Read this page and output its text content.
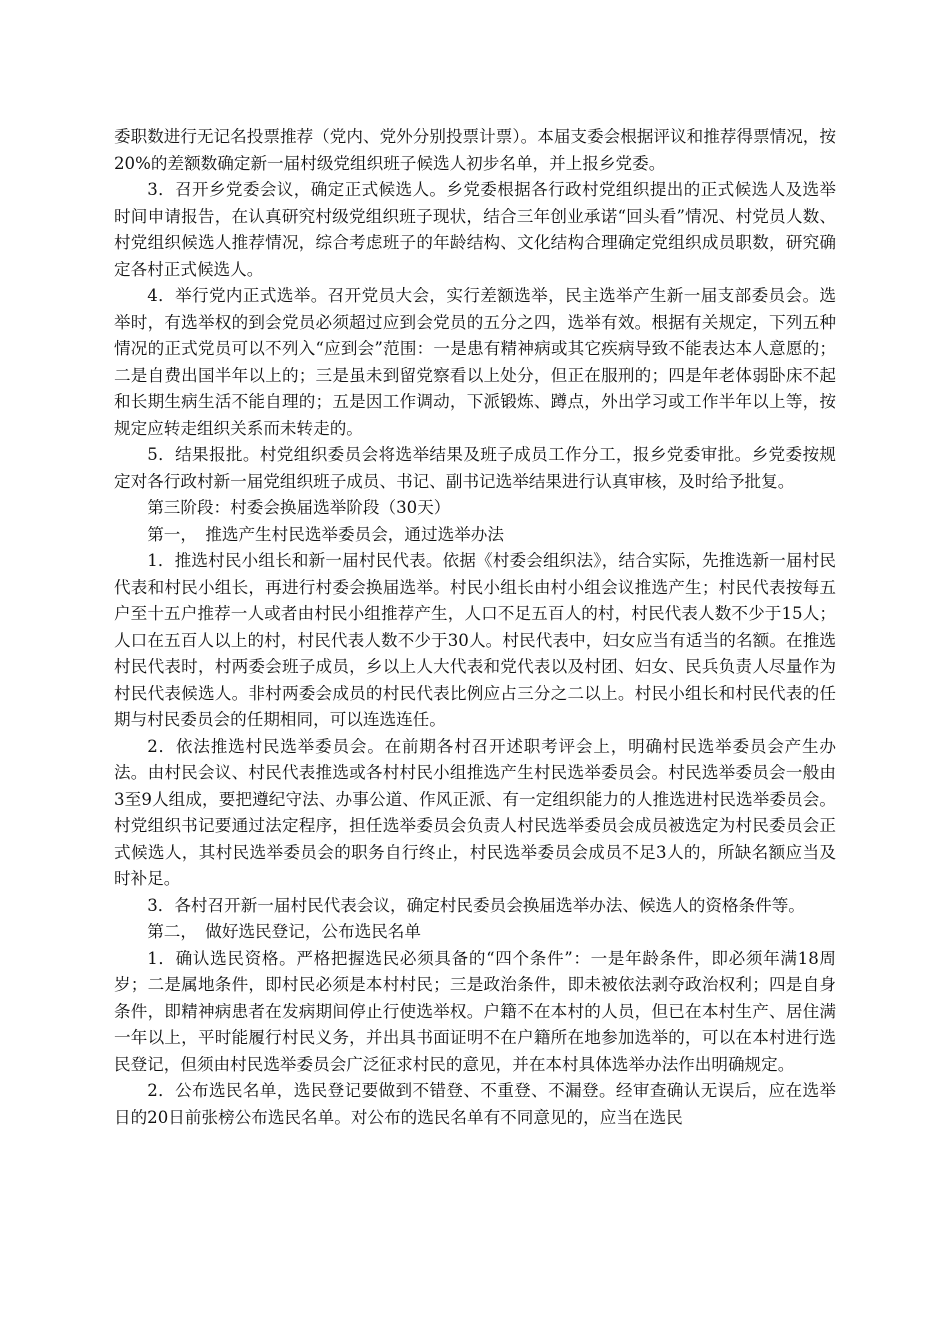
委职数进行无记名投票推荐（党内、党外分别投票计票）。本届支委会根据评议和推荐得票情况，按20%的差额数确定新一届村级党组织班子候选人初步名单，并上报乡党委。

3．召开乡党委会议，确定正式候选人。乡党委根据各行政村党组织提出的正式候选人及选举时间申请报告，在认真研究村级党组织班子现状，结合三年创业承诺“回头看”情况、村党员人数、村党组织候选人推荐情况，综合考虑班子的年龄结构、文化结构合理确定党组织成员职数，研究确定各村正式候选人。

4．举行党内正式选举。召开党员大会，实行差额选举，民主选举产生新一届支部委员会。选举时，有选举权的到会党员必须超过应到会党员的五分之四，选举有效。根据有关规定，下列五种情况的正式党员可以不列入“应到会”范围：一是患有精神病或其它疾病导致不能表达本人意愿的；二是自费出国半年以上的；三是虽未到留党察看以上处分，但正在服刑的；四是年老体弱卧床不起和长期生病生活不能自理的；五是因工作调动，下派锻炼、蹲点，外出学习或工作半年以上等，按规定应转走组织关系而未转走的。

5．结果报批。村党组织委员会将选举结果及班子成员工作分工，报乡党委审批。乡党委按规定对各行政村新一届党组织班子成员、书记、副书记选举结果进行认真审核，及时给予批复。

第三阶段：村委会换届选举阶段（30天）

第一，　推选产生村民选举委员会，通过选举办法

1．推选村民小组长和新一届村民代表。依据《村委会组织法》，结合实际，先推选新一届村民代表和村民小组长，再进行村委会换届选举。村民小组长由村小组会议推选产生；村民代表按每五户至十五户推荐一人或者由村民小组推荐产生，人口不足五百人的村，村民代表人数不少于15人；人口在五百人以上的村，村民代表人数不少于30人。村民代表中，妇女应当有适当的名额。在推选村民代表时，村两委会班子成员，乡以上人大代表和党代表以及村团、妇女、民兵负责人尽量作为村民代表候选人。非村两委会成员的村民代表比例应占三分之二以上。村民小组长和村民代表的任期与村民委员会的任期相同，可以连选连任。

2．依法推选村民选举委员会。在前期各村召开述职考评会上，明确村民选举委员会产生办法。由村民会议、村民代表推选或各村村民小组推选产生村民选举委员会。村民选举委员会一般由3至9人组成，要把遵纪守法、办事公道、作风正派、有一定组织能力的人推选进村民选举委员会。村党组织书记要通过法定程序，担任选举委员会负责人村民选举委员会成员被选定为村民委员会正式候选人，其村民选举委员会的职务自行终止，村民选举委员会成员不足3人的，所缺名额应当及时补足。

3．各村召开新一届村民代表会议，确定村民委员会换届选举办法、候选人的资格条件等。

第二，　做好选民登记，公布选民名单

1．确认选民资格。严格把握选民必须具备的“四个条件”：一是年龄条件，即必须年满18周岁；二是属地条件，即村民必须是本村村民；三是政治条件，即未被依法剥夺政治权利；四是自身条件，即精神病患者在发病期间停止行使选举权。户籍不在本村的人员，但已在本村生产、居住满一年以上，平时能履行村民义务，并出具书面证明不在户籍所在地参加选举的，可以在本村进行选民登记，但须由村民选举委员会广泛征求村民的意见，并在本村具体选举办法作出明确规定。

2．公布选民名单，选民登记要做到不错登、不重登、不漏登。经审查确认无误后，应在选举日的20日前张榜公布选民名单。对公布的选民名单有不同意见的，应当在选民
